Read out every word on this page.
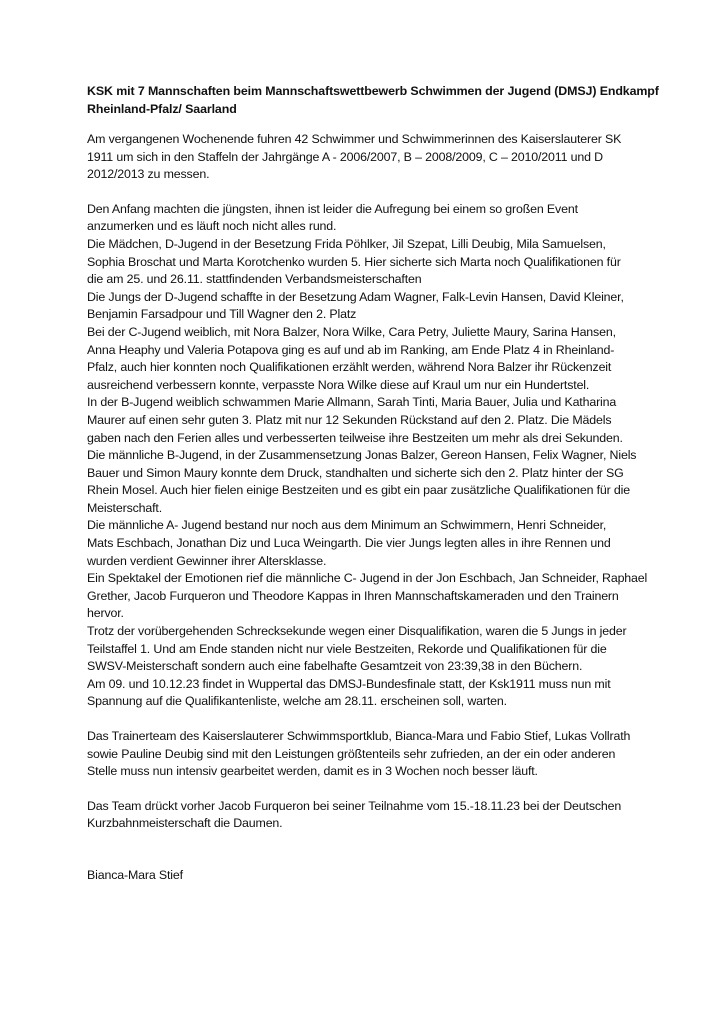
KSK mit 7 Mannschaften beim Mannschaftswettbewerb Schwimmen der Jugend (DMSJ) Endkampf
Rheinland-Pfalz/ Saarland

Am vergangenen Wochenende fuhren 42 Schwimmer und Schwimmerinnen des Kaiserslauterer SK
1911 um sich in den Staffeln der Jahrgänge A - 2006/2007, B – 2008/2009, C – 2010/2011 und D
2012/2013 zu messen.

Den Anfang machten die jüngsten, ihnen ist leider die Aufregung bei einem so großen Event
anzumerken und es läuft noch nicht alles rund.
Die Mädchen, D-Jugend in der Besetzung Frida Pöhlker, Jil Szepat, Lilli Deubig, Mila Samuelsen,
Sophia Broschat und Marta Korotchenko wurden 5. Hier sicherte sich Marta noch Qualifikationen für
die am 25. und 26.11. stattfindenden Verbandsmeisterschaften
Die Jungs der D-Jugend schaffte in der Besetzung Adam Wagner, Falk-Levin Hansen, David Kleiner,
Benjamin Farsadpour und Till Wagner den 2. Platz
Bei der C-Jugend weiblich, mit Nora Balzer, Nora Wilke, Cara Petry, Juliette Maury, Sarina Hansen,
Anna Heaphy und Valeria Potapova ging es auf und ab im Ranking, am Ende Platz 4 in Rheinland-
Pfalz, auch hier konnten noch Qualifikationen erzählt werden, während Nora Balzer ihr Rückenzeit
ausreichend verbessern konnte, verpasste Nora Wilke diese auf Kraul um nur ein Hundertstel.
In der B-Jugend weiblich schwammen Marie Allmann, Sarah Tinti, Maria Bauer, Julia und Katharina
Maurer auf einen sehr guten 3. Platz mit nur 12 Sekunden Rückstand auf den 2. Platz. Die Mädels
gaben nach den Ferien alles und verbesserten teilweise ihre Bestzeiten um mehr als drei Sekunden.
Die männliche B-Jugend, in der Zusammensetzung Jonas Balzer, Gereon Hansen, Felix Wagner, Niels
Bauer und Simon Maury konnte dem Druck, standhalten und sicherte sich den 2. Platz hinter der SG
Rhein Mosel. Auch hier fielen einige Bestzeiten und es gibt ein paar zusätzliche Qualifikationen für die
Meisterschaft.
Die männliche A- Jugend bestand nur noch aus dem Minimum an Schwimmern, Henri Schneider,
Mats Eschbach, Jonathan Diz und Luca Weingarth. Die vier Jungs legten alles in ihre Rennen und
wurden verdient Gewinner ihrer Altersklasse.
Ein Spektakel der Emotionen rief die männliche C- Jugend in der Jon Eschbach, Jan Schneider, Raphael
Grether, Jacob Furqueron und Theodore Kappas in Ihren Mannschaftskameraden und den Trainern
hervor.
Trotz der vorübergehenden Schrecksekunde wegen einer Disqualifikation, waren die 5 Jungs in jeder
Teilstaffel 1. Und am Ende standen nicht nur viele Bestzeiten, Rekorde und Qualifikationen für die
SWSV-Meisterschaft sondern auch eine fabelhafte Gesamtzeit von 23:39,38 in den Büchern.
Am 09. und 10.12.23 findet in Wuppertal das DMSJ-Bundesfinale statt, der Ksk1911 muss nun mit
Spannung auf die Qualifikantenliste, welche am 28.11. erscheinen soll, warten.

Das Trainerteam des Kaiserslauterer Schwimmsportklub, Bianca-Mara und Fabio Stief, Lukas Vollrath
sowie Pauline Deubig sind mit den Leistungen größtenteils sehr zufrieden, an der ein oder anderen
Stelle muss nun intensiv gearbeitet werden, damit es in 3 Wochen noch besser läuft.

Das Team drückt vorher Jacob Furqueron bei seiner Teilnahme vom 15.-18.11.23 bei der Deutschen
Kurzbahnmeisterschaft die Daumen.

Bianca-Mara Stief
